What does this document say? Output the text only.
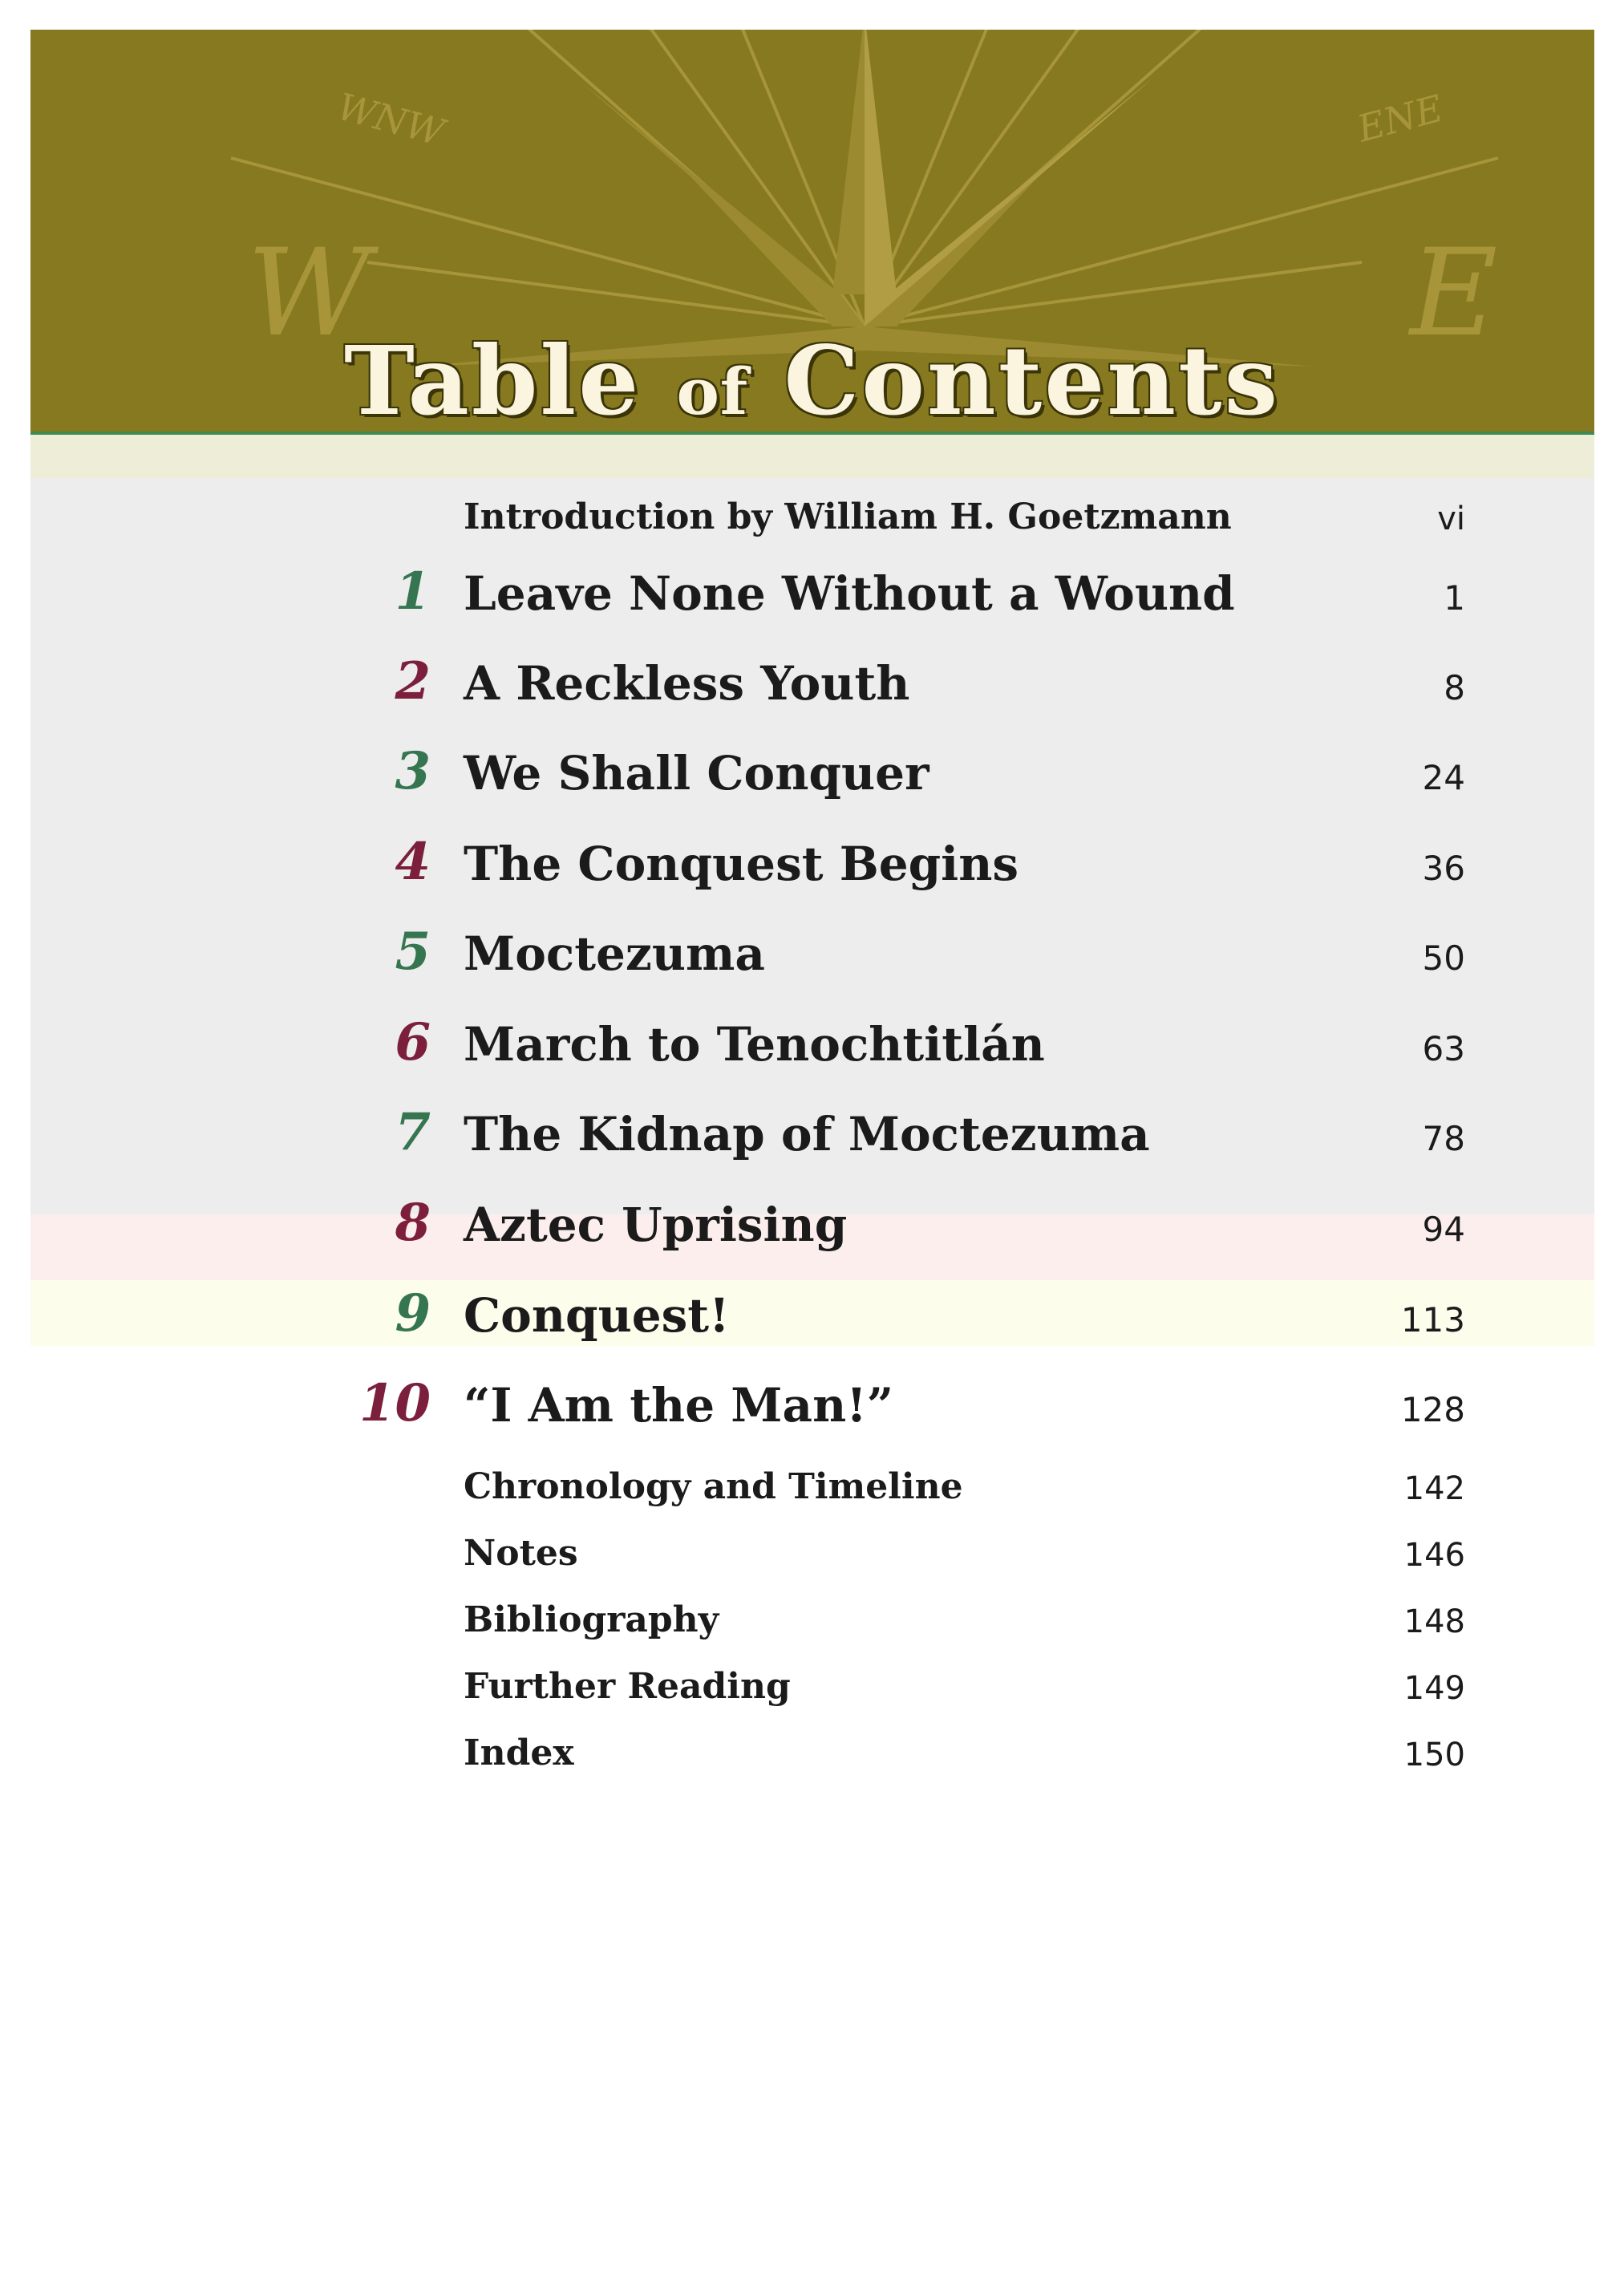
WNW	ENE
W	E
Table of Contents
Introduction by William H. Goetzmann	vi
1 Leave None Without a Wound	1
2 A Reckless Youth	8
3 We Shall Conquer	24
4 The Conquest Begins	36
5 Moctezuma	50
6 March to Tenochtitlán	63
7 The Kidnap of Moctezuma	78
8 Aztec Uprising	94
9 Conquest!	113
10 “I Am the Man!”	128
Chronology and Timeline	142
Notes	146
Bibliography	148
Further Reading	149
Index	150
